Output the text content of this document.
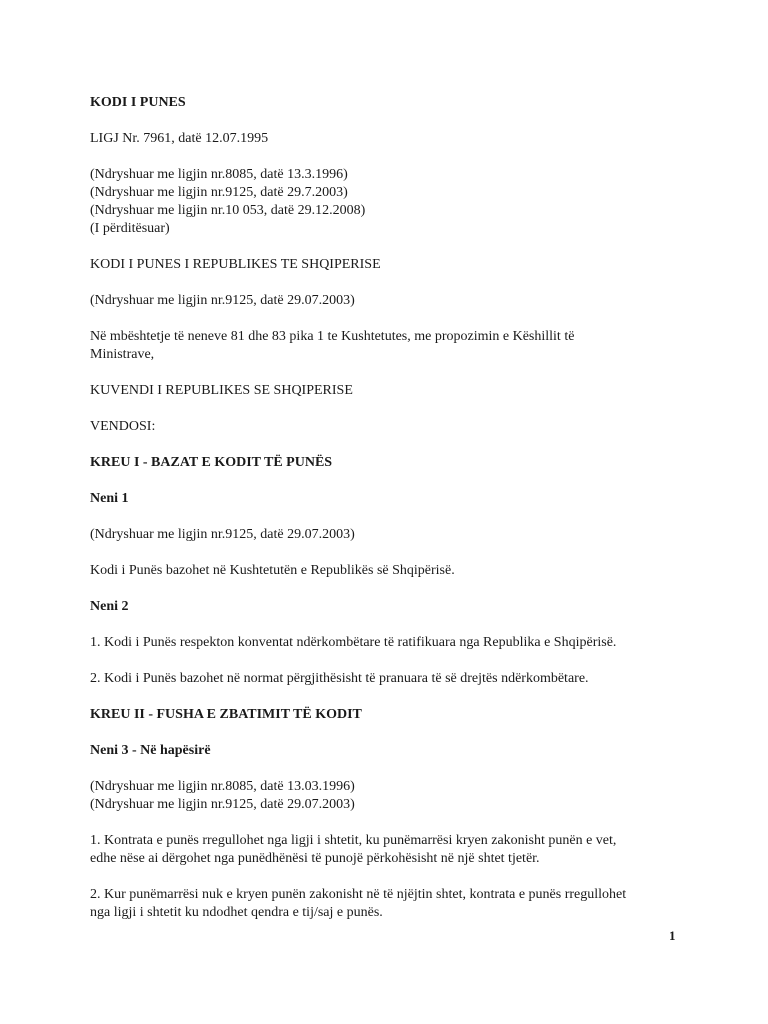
KODI I PUNES
LIGJ Nr. 7961, datë 12.07.1995
(Ndryshuar me ligjin nr.8085, datë 13.3.1996)
(Ndryshuar me ligjin nr.9125, datë 29.7.2003)
(Ndryshuar me ligjin nr.10 053, datë 29.12.2008)
(I përditësuar)
KODI I PUNES I REPUBLIKES TE SHQIPERISE
(Ndryshuar me ligjin nr.9125, datë 29.07.2003)
Në mbështetje të neneve 81 dhe 83 pika 1 te Kushtetutes, me propozimin e Këshillit të
Ministrave,
KUVENDI I REPUBLIKES SE SHQIPERISE
VENDOSI:
KREU I - BAZAT E KODIT TË PUNËS
Neni 1
(Ndryshuar me ligjin nr.9125, datë 29.07.2003)
Kodi i Punës bazohet në Kushtetutën e Republikës së Shqipërisë.
Neni 2
1. Kodi i Punës respekton konventat ndërkombëtare të ratifikuara nga Republika e Shqipërisë.
2. Kodi i Punës bazohet në normat përgjithësisht të pranuara të së drejtës ndërkombëtare.
KREU II - FUSHA E ZBATIMIT TË KODIT
Neni 3 - Në hapësirë
(Ndryshuar me ligjin nr.8085, datë 13.03.1996)
(Ndryshuar me ligjin nr.9125, datë 29.07.2003)
1. Kontrata e punës rregullohet nga ligji i shtetit, ku punëmarrësi kryen zakonisht punën e vet,
edhe nëse ai dërgohet nga punëdhënësi të punojë përkohësisht në një shtet tjetër.
2. Kur punëmarrësi nuk e kryen punën zakonisht në të njëjtin shtet, kontrata e punës rregullohet
nga ligji i shtetit ku ndodhet qendra e tij/saj e punës.
1
